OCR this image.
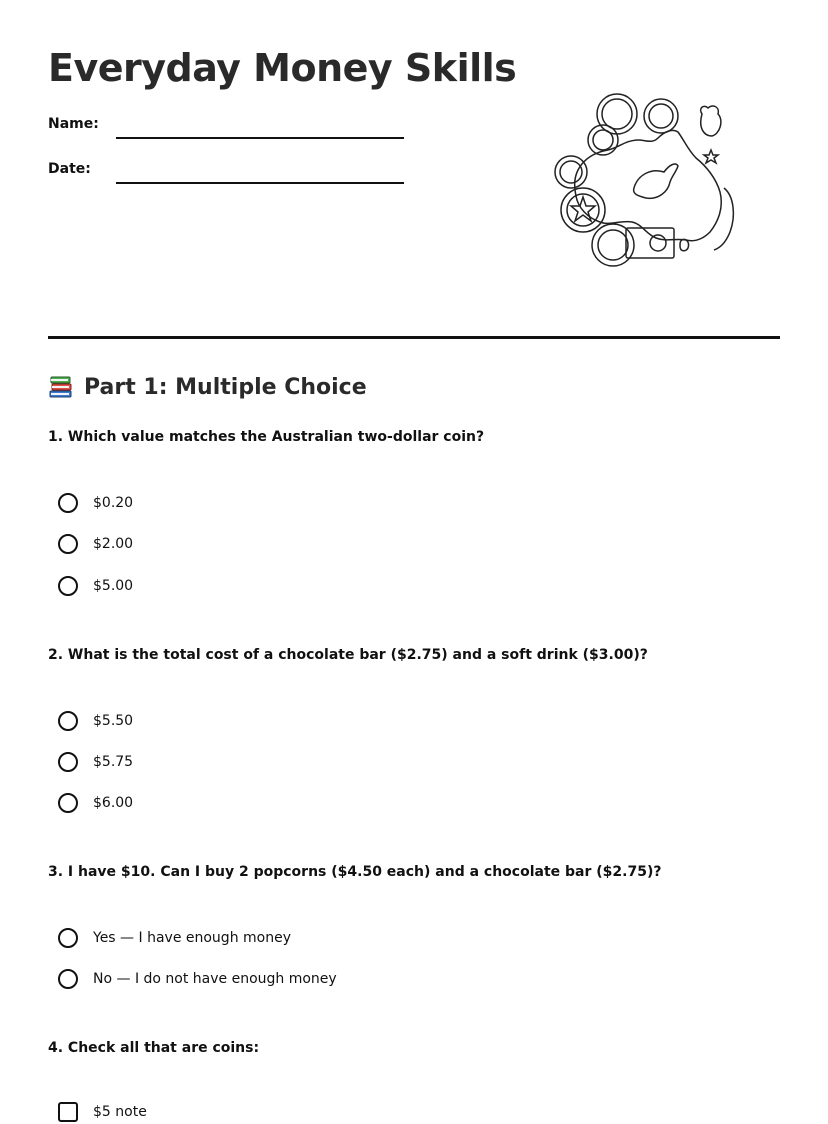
Everyday Money Skills
Name:
Date:
Part 1: Multiple Choice

1. Which value matches the Australian two-dollar coin?

$0.20
$2.00
$5.00

2. What is the total cost of a chocolate bar ($2.75) and a soft drink ($3.00)?

$5.50
$5.75
$6.00

3. I have $10. Can I buy 2 popcorns ($4.50 each) and a chocolate bar ($2.75)?

Yes — I have enough money
No — I do not have enough money

4. Check all that are coins:

$5 note
